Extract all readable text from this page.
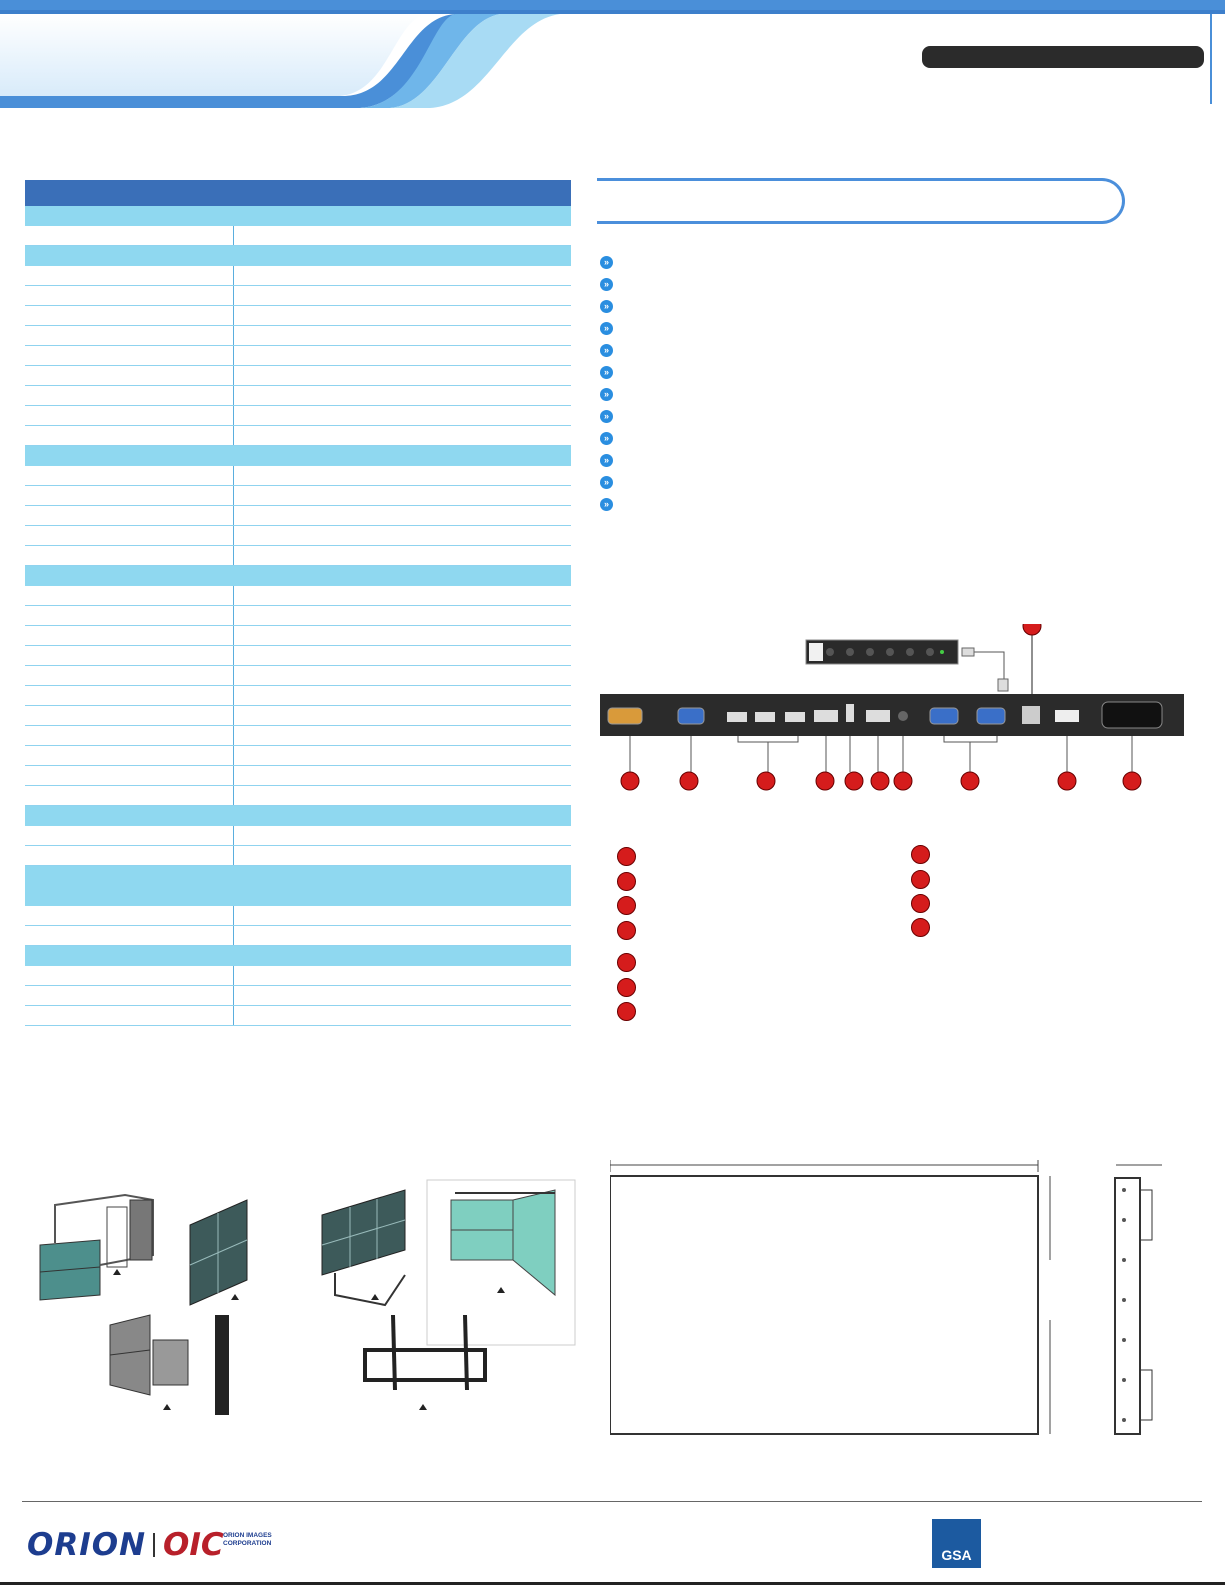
»
»
»
»
»
»
»
»
»
»
»
»
ORION OIC ORION IMAGES
CORPORATION
GSA
